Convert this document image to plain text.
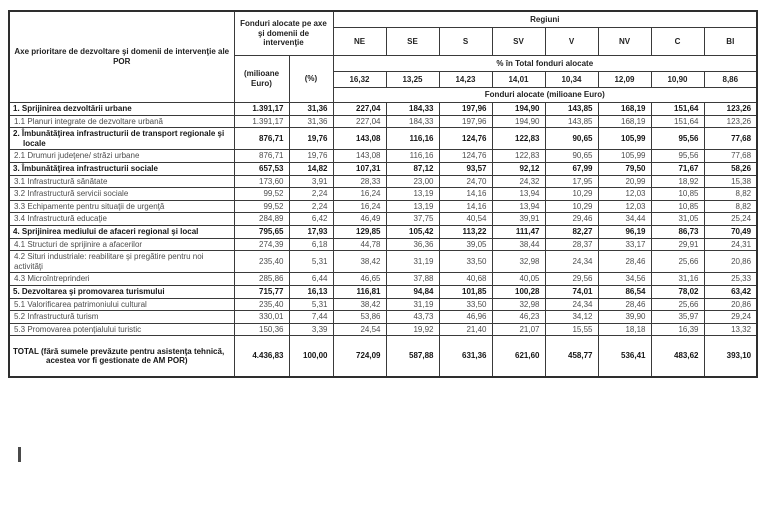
Axe prioritare de dezvoltare şi domenii de intervenţie ale POR	Fonduri alocate pe axe şi domenii de intervenţie		Regiuni							
			NE	SE	S	SV	V	NV	C	BI
	(milioane Euro)	(%)	% în Total fonduri alocate							
			16,32	13,25	14,23	14,01	10,34	12,09	10,90	8,86
			Fonduri alocate (milioane Euro)							
1. Sprijinirea dezvoltării urbane	1.391,17	31,36	227,04	184,33	197,96	194,90	143,85	168,19	151,64	123,26
1.1 Planuri integrate de dezvoltare urbană	1.391,17	31,36	227,04	184,33	197,96	194,90	143,85	168,19	151,64	123,26
2. Îmbunătăţirea infrastructurii de transport regionale şi locale	876,71	19,76	143,08	116,16	124,76	122,83	90,65	105,99	95,56	77,68
2.1 Drumuri judeţene/ străzi urbane	876,71	19,76	143,08	116,16	124,76	122,83	90,65	105,99	95,56	77,68
3. Îmbunătăţirea infrastructurii sociale	657,53	14,82	107,31	87,12	93,57	92,12	67,99	79,50	71,67	58,26
3.1 Infrastructură sănătate	173,60	3,91	28,33	23,00	24,70	24,32	17,95	20,99	18,92	15,38
3.2 Infrastructură servicii sociale	99,52	2,24	16,24	13,19	14,16	13,94	10,29	12,03	10,85	8,82
3.3 Echipamente pentru situaţii de urgenţă	99,52	2,24	16,24	13,19	14,16	13,94	10,29	12,03	10,85	8,82
3.4 Infrastructură educaţie	284,89	6,42	46,49	37,75	40,54	39,91	29,46	34,44	31,05	25,24
4. Sprijinirea mediului de afaceri regional şi local	795,65	17,93	129,85	105,42	113,22	111,47	82,27	96,19	86,73	70,49
4.1 Structuri de sprijinire a afacerilor	274,39	6,18	44,78	36,36	39,05	38,44	28,37	33,17	29,91	24,31
4.2 Situri industriale: reabilitare şi pregătire pentru noi activităţi	235,40	5,31	38,42	31,19	33,50	32,98	24,34	28,46	25,66	20,86
4.3 Microîntreprinderi	285,86	6,44	46,65	37,88	40,68	40,05	29,56	34,56	31,16	25,33
5. Dezvoltarea şi promovarea turismului	715,77	16,13	116,81	94,84	101,85	100,28	74,01	86,54	78,02	63,42
5.1 Valorificarea patrimoniului cultural	235,40	5,31	38,42	31,19	33,50	32,98	24,34	28,46	25,66	20,86
5.2 Infrastructură turism	330,01	7,44	53,86	43,73	46,96	46,23	34,12	39,90	35,97	29,24
5.3 Promovarea potenţialului turistic	150,36	3,39	24,54	19,92	21,40	21,07	15,55	18,18	16,39	13,32
TOTAL (fără sumele prevăzute pentru asistenţa tehnică, acestea vor fi gestionate de AM POR)	4.436,83	100,00	724,09	587,88	631,36	621,60	458,77	536,41	483,62	393,10
